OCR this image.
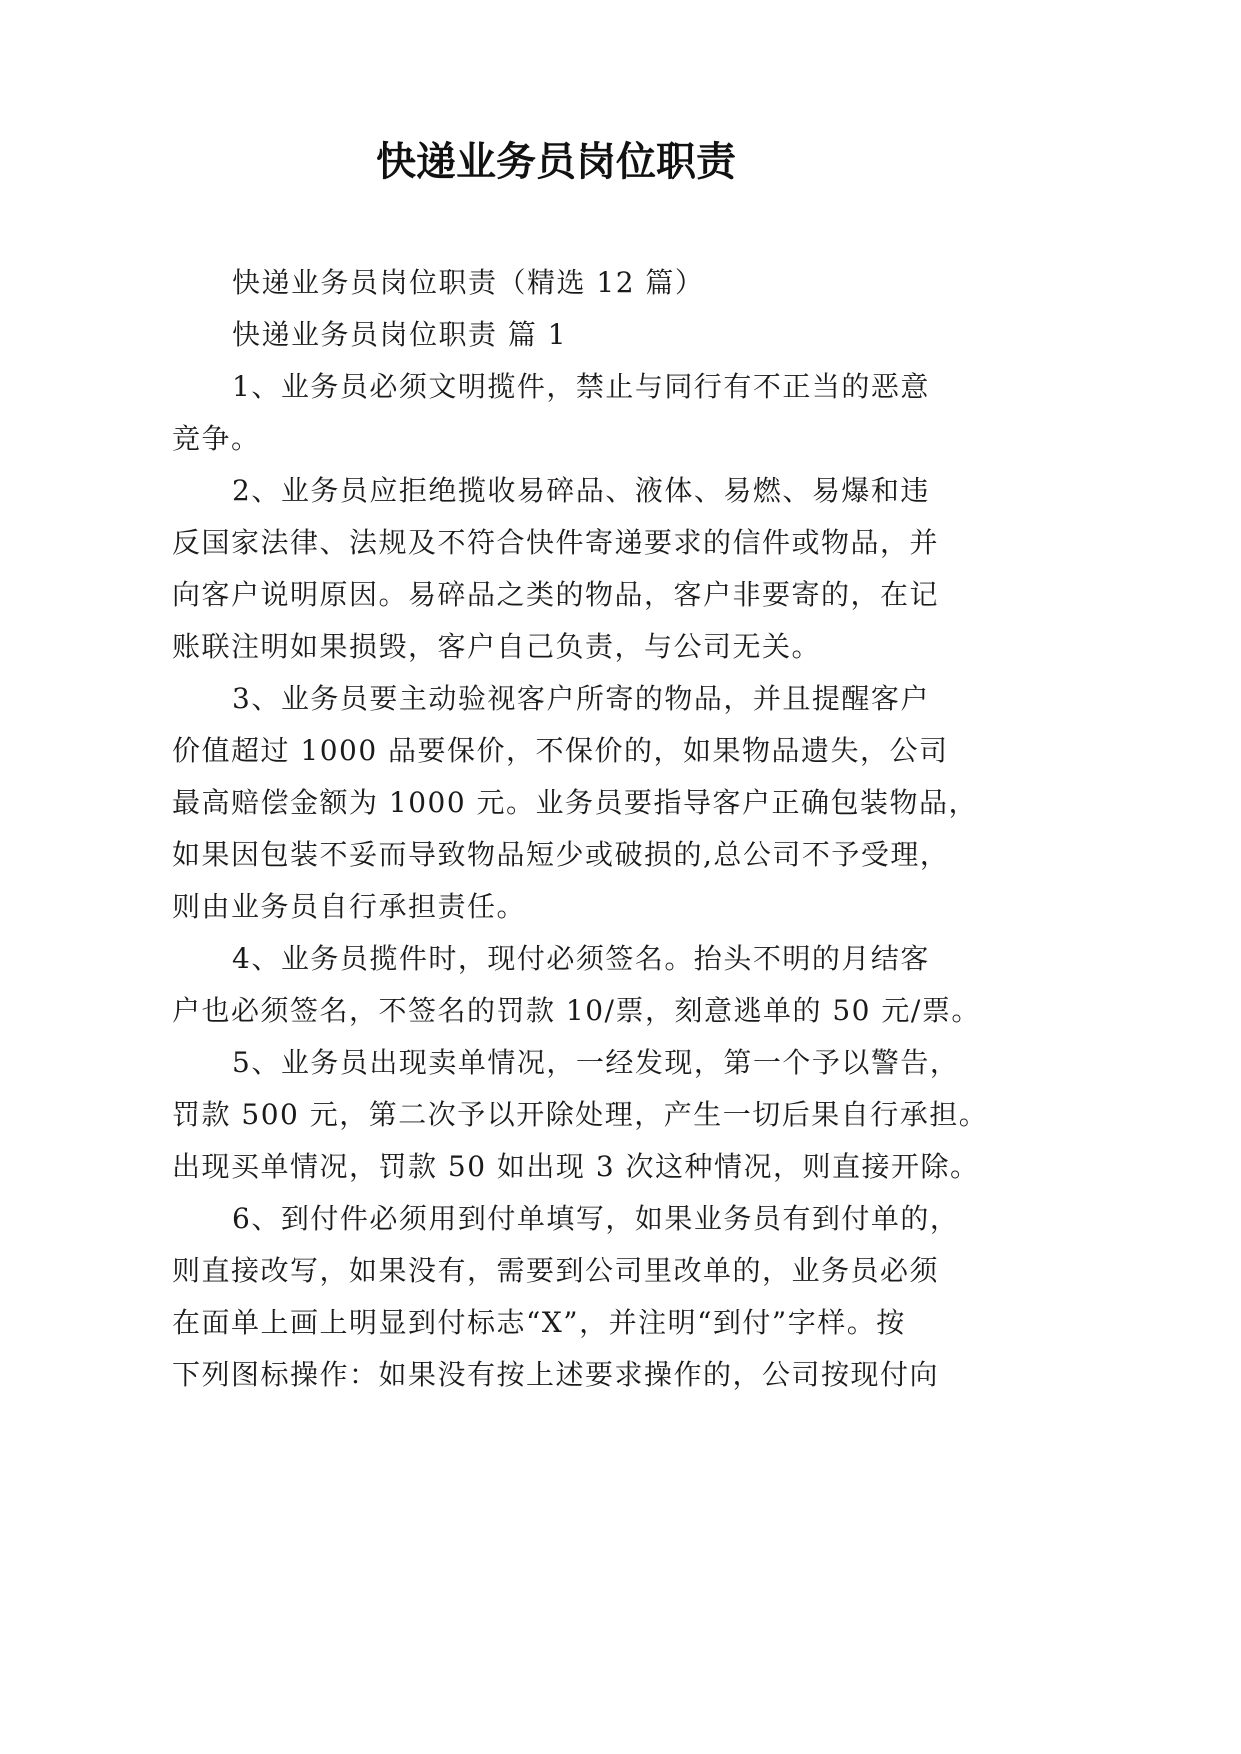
快递业务员岗位职责
快递业务员岗位职责（精选 12 篇）
快递业务员岗位职责 篇 1
1、业务员必须文明揽件，禁止与同行有不正当的恶意
竞争。
2、业务员应拒绝揽收易碎品、液体、易燃、易爆和违
反国家法律、法规及不符合快件寄递要求的信件或物品，并
向客户说明原因。易碎品之类的物品，客户非要寄的，在记
账联注明如果损毁，客户自己负责，与公司无关。
3、业务员要主动验视客户所寄的物品，并且提醒客户
价值超过 1000 品要保价，不保价的，如果物品遗失，公司
最高赔偿金额为 1000 元。业务员要指导客户正确包装物品，
如果因包装不妥而导致物品短少或破损的,总公司不予受理，
则由业务员自行承担责任。
4、业务员揽件时，现付必须签名。抬头不明的月结客
户也必须签名，不签名的罚款 10/票，刻意逃单的 50 元/票。
5、业务员出现卖单情况，一经发现，第一个予以警告，
罚款 500 元，第二次予以开除处理，产生一切后果自行承担。
出现买单情况，罚款 50 如出现 3 次这种情况，则直接开除。
6、到付件必须用到付单填写，如果业务员有到付单的，
则直接改写，如果没有，需要到公司里改单的，业务员必须
在面单上画上明显到付标志“X”，并注明“到付”字样。按
下列图标操作：如果没有按上述要求操作的，公司按现付向
